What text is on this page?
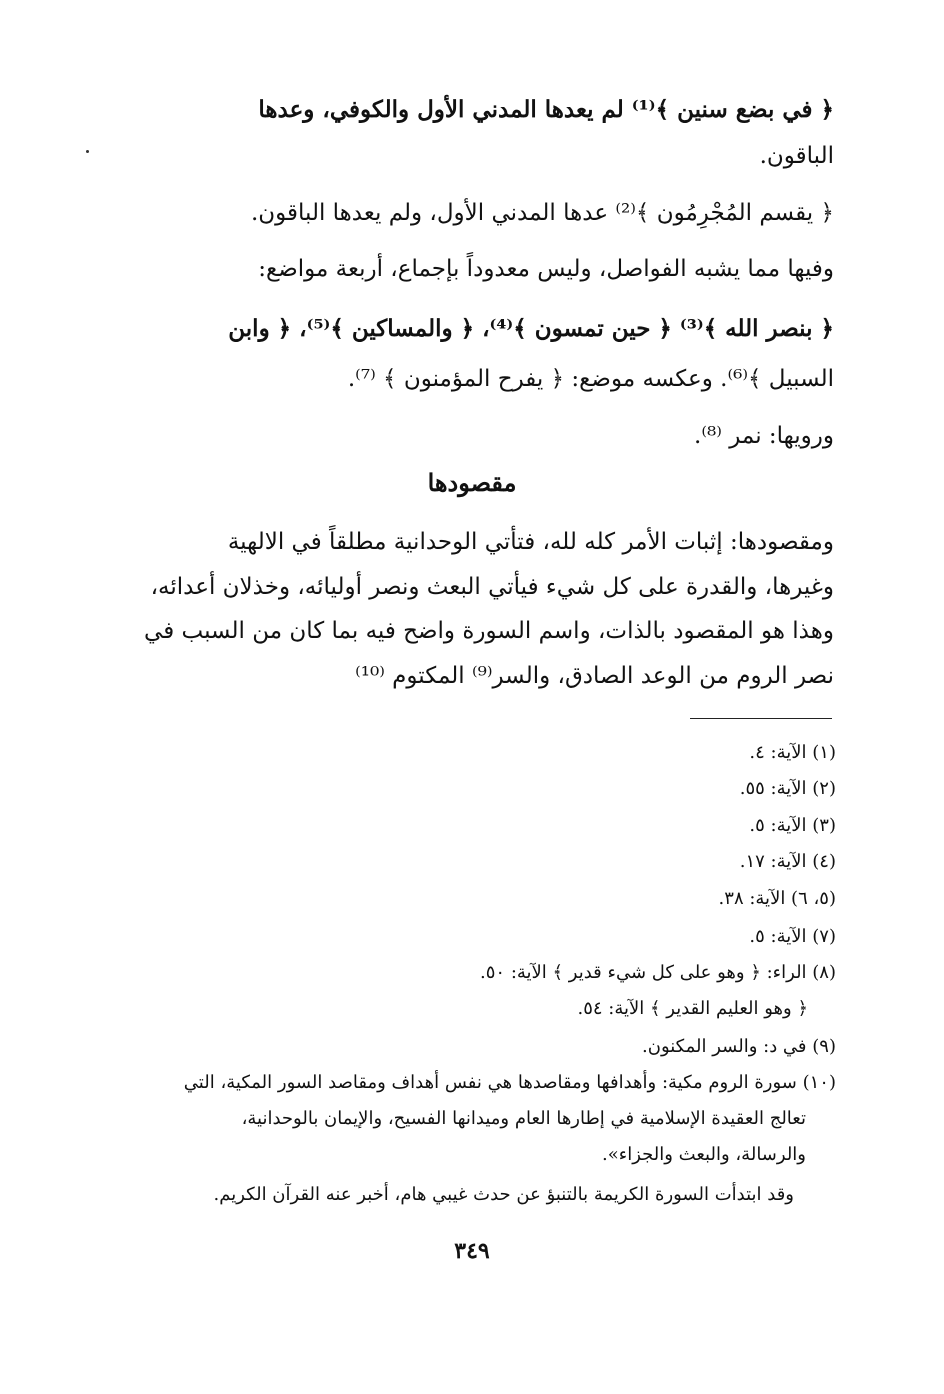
﴿ في بضع سنين ﴾⁽¹⁾ لم يعدها المدني الأول والكوفي، وعدها
الباقون.
﴿ يقسم المُجْرِمُون ﴾⁽²⁾ عدها المدني الأول، ولم يعدها الباقون.
وفيها مما يشبه الفواصل، وليس معدوداً بإجماع، أربعة مواضع:
﴿ بنصر الله ﴾⁽³⁾ ﴿ حين تمسون ﴾⁽⁴⁾، ﴿ والمساكين ﴾⁽⁵⁾، ﴿ وابن
السبيل ﴾⁽⁶⁾. وعكسه موضع: ﴿ يفرح المؤمنون ﴾ ⁽⁷⁾.
ورويها: نمر ⁽⁸⁾.
مقصودها
ومقصودها: إثبات الأمر كله لله، فتأتي الوحدانية مطلقاً في الالهية
وغيرها، والقدرة على كل شيء فيأتي البعث ونصر أوليائه، وخذلان أعدائه،
وهذا هو المقصود بالذات، واسم السورة واضح فيه بما كان من السبب في
نصر الروم من الوعد الصادق، والسر⁽⁹⁾ المكتوم ⁽¹⁰⁾
(١) الآية: ٤.
(٢) الآية: ٥٥.
(٣) الآية: ٥.
(٤) الآية: ١٧.
(٥، ٦) الآية: ٣٨.
(٧) الآية: ٥.
(٨) الراء: ﴿ وهو على كل شيء قدير ﴾ الآية: ٥٠.
﴿ وهو العليم القدير ﴾ الآية: ٥٤.
(٩) في د: والسر المكنون.
(١٠) سورة الروم مكية: وأهدافها ومقاصدها هي نفس أهداف ومقاصد السور المكية، التي
تعالج العقيدة الإسلامية في إطارها العام وميدانها الفسيح، والإيمان بالوحدانية،
والرسالة، والبعث والجزاء».
وقد ابتدأت السورة الكريمة بالتنبؤ عن حدث غيبي هام، أخبر عنه القرآن الكريم.
٣٤٩
